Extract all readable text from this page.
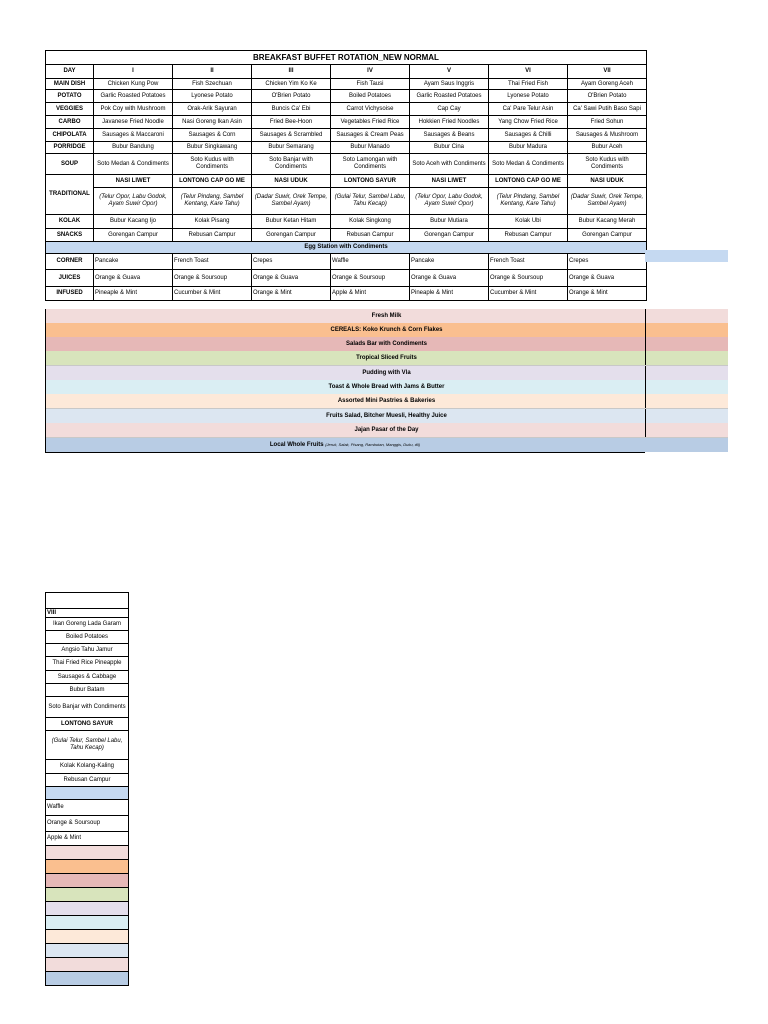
BREAKFAST BUFFET ROTATION_NEW NORMAL							
DAY	I	II	III	IV	V	VI	VII
MAIN DISH	Chicken Kung Pow	Fish Szechuan	Chicken Yim Ko Ke	Fish Tausi	Ayam Saus Inggris	Thai Fried Fish	Ayam Goreng Aceh
POTATO	Garlic Roasted Potatoes	Lyonese Potato	O'Brien Potato	Boiled Potatoes	Garlic Roasted Potatoes	Lyonese Potato	O'Brien Potato
VEGGIES	Pok Coy with Mushroom	Orak-Arik Sayuran	Buncis Ca' Ebi	Carrot Vichysoise	Cap Cay	Ca' Pare Telur Asin	Ca' Sawi Putih Baso Sapi
CARBO	Javanese Fried Noodle	Nasi Goreng Ikan Asin	Fried Bee-Hoon	Vegetables Fried Rice	Hokkien Fried Noodles	Yang Chow Fried Rice	Fried Sohun
CHIPOLATA	Sausages & Maccaroni	Sausages & Corn	Sausages & Scrambled	Sausages & Cream Peas	Sausages & Beans	Sausages & Chilli	Sausages & Mushroom
PORRIDGE	Bubur Bandung	Bubur Singkawang	Bubur Semarang	Bubur Manado	Bubur Cina	Bubur Madura	Bubur Aceh
SOUP	Soto Medan & Condiments	Soto Kudus with Condiments	Soto Banjar with Condiments	Soto Lamongan with Condiments	Soto Aceh with Condiments	Soto Medan & Condiments	Soto Kudus with Condiments
TRADITIONAL	NASI LIWET	LONTONG CAP GO ME	NASI UDUK	LONTONG SAYUR	NASI LIWET	LONTONG CAP GO ME	NASI UDUK
	(Telur Opor, Labu Godok, Ayam Suwir Opor)	(Telur Pindang, Sambel Kentang, Kare Tahu)	(Dadar Suwir, Orek Tempe, Sambel Ayam)	(Gulai Telur, Sambel Labu, Tahu Kecap)	(Telur Opor, Labu Godok, Ayam Suwir Opor)	(Telur Pindang, Sambel Kentang, Kare Tahu)	(Dadar Suwir, Orek Tempe, Sambel Ayam)
KOLAK	Bubur Kacang Ijo	Kolak Pisang	Bubur Ketan Hitam	Kolak Singkong	Bubur Mutiara	Kolak Ubi	Bubur Kacang Merah
SNACKS	Gorengan Campur	Rebusan Campur	Gorengan Campur	Rebusan Campur	Gorengan Campur	Rebusan Campur	Gorengan Campur
Egg Station with Condiments							
CORNER	Pancake	French Toast	Crepes	Waffle	Pancake	French Toast	Crepes
JUICES	Orange & Guava	Orange & Soursoup	Orange & Guava	Orange & Soursoup	Orange & Guava	Orange & Soursoup	Orange & Guava
INFUSED	Pineaple & Mint	Cucumber & Mint	Orange & Mint	Apple & Mint	Pineaple & Mint	Cucumber & Mint	Orange & Mint
Fresh Milk
CEREALS: Koko Krunch & Corn Flakes
Salads Bar with Condiments
Tropical Sliced Fruits
Pudding with Vla
Toast & Whole Bread with Jams & Butter
Assorted Mini Pastries & Bakeries
Fruits Salad, Bitcher Muesli, Healthy Juice
Jajan Pasar of the Day
Local Whole Fruits (Jeruk, Salak, Pisang, Rambutan, Manggis, Duku, dll)

VIII
Ikan Goreng Lada Garam
Boiled Potatoes
Angsio Tahu Jamur
Thai Fried Rice Pineapple
Sausages & Cabbage
Bubur Batam
Soto Banjar with Condiments
LONTONG SAYUR
(Gulai Telur, Sambel Labu, Tahu Kecap)
Kolak Kolang-Kaling
Rebusan Campur

Waffle
Orange & Soursoup
Apple & Mint
